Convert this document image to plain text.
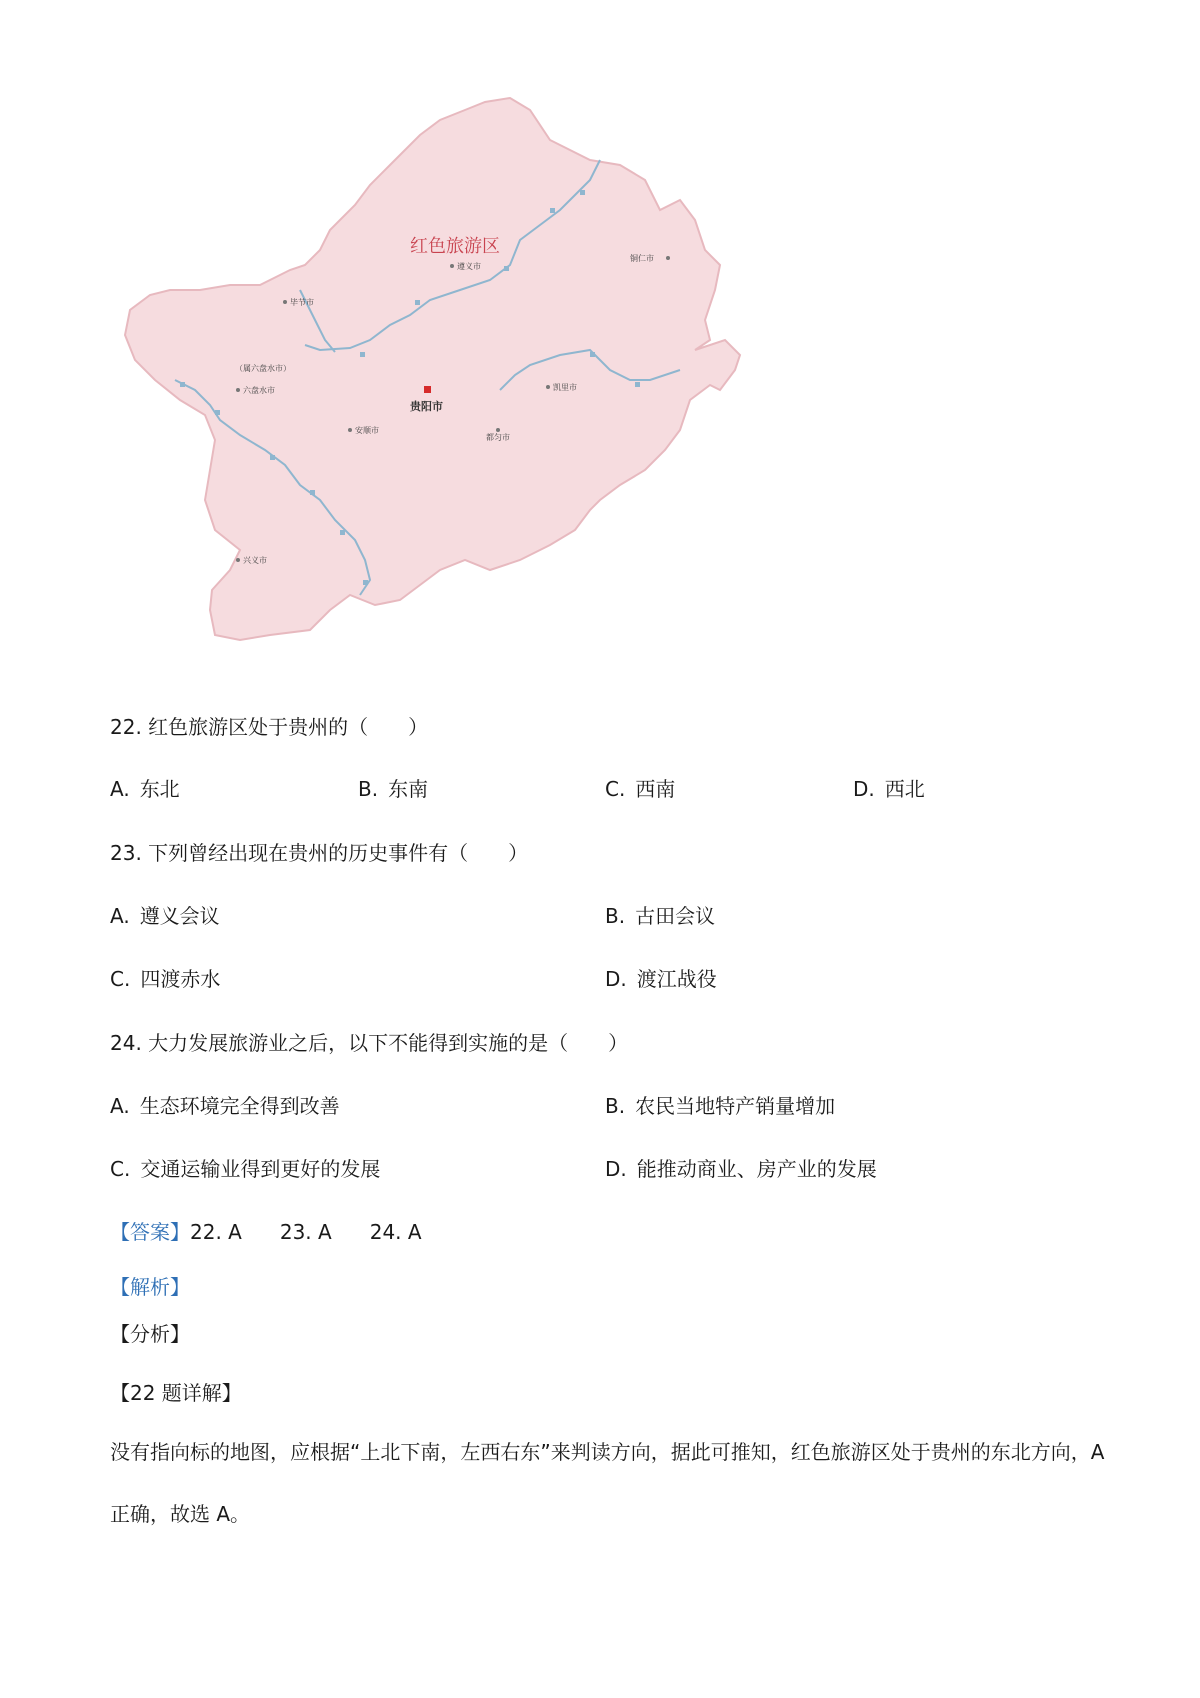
红色旅游区
贵阳市
遵义市
铜仁市
毕节市
（属六盘水市）
六盘水市
安顺市
凯里市
都匀市
兴义市
22. 红色旅游区处于贵州的（　　）
A. 东北	B. 东南	C. 西南	D. 西北
23. 下列曾经出现在贵州的历史事件有（　　）
A. 遵义会议	B. 古田会议
C. 四渡赤水	D. 渡江战役
24. 大力发展旅游业之后，以下不能得到实施的是（　　）
A. 生态环境完全得到改善	B. 农民当地特产销量增加
C. 交通运输业得到更好的发展	D. 能推动商业、房产业的发展
【答案】22. A 23. A 24. A
【解析】
【分析】
【22 题详解】
没有指向标的地图，应根据“上北下南，左西右东”来判读方向，据此可推知，红色旅游区处于贵州的东北方向，A 正确，故选 A。
